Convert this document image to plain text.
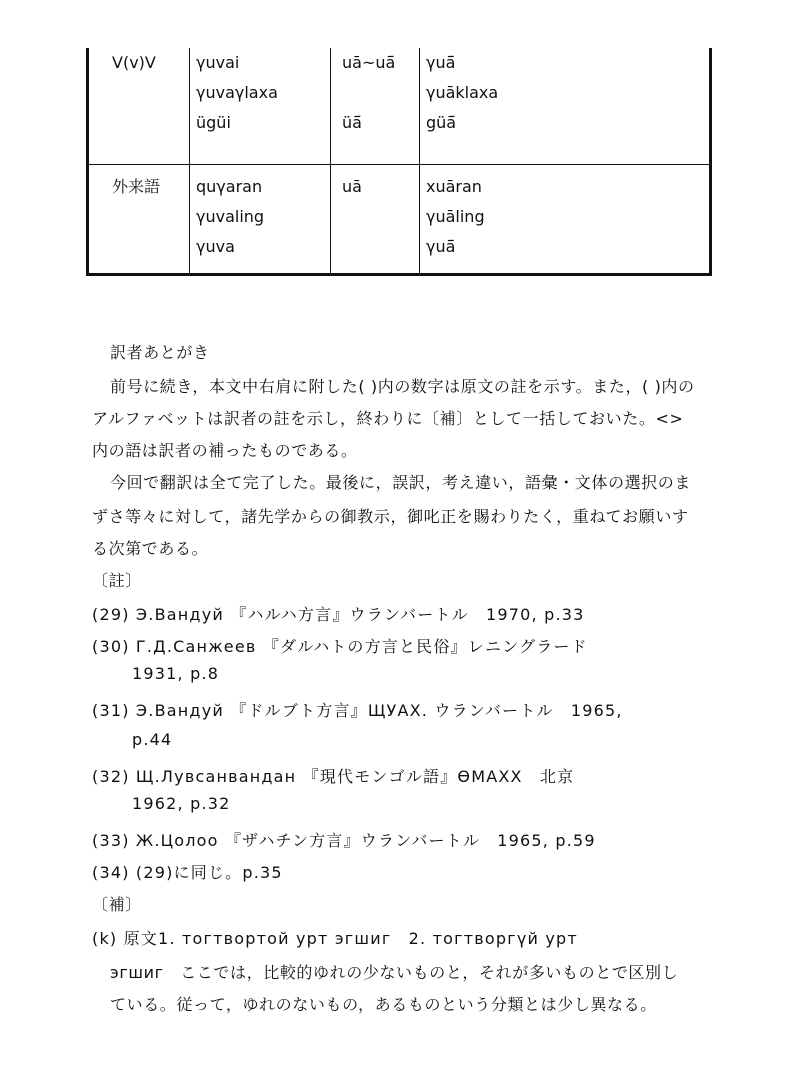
V(v)V	γuvai
γuvaγlaxa
ügüi
uā~uā̄

üā̄
γuā̄
γuāklaxa
güā̄
外来語 quγaran
γuvaling
γuva
uā	xuāran
γuāling
γuā̄
訳者あとがき
前号に続き，本文中右肩に附した( )内の数字は原文の註を示す。また，( )内の
アルファベットは訳者の註を示し，終わりに〔補〕として一括しておいた。<>
内の語は訳者の補ったものである。
今回で翻訳は全て完了した。最後に，誤訳，考え違い，語彙・文体の選択のま
ずさ等々に対して，諸先学からの御教示，御叱正を賜わりたく，重ねてお願いす
る次第である。
〔註〕
(29) Э.Вандуй 『ハルハ方言』ウランバートル　1970, p.33
(30) Г.Д.Санжеев 『ダルハトの方言と民俗』レニングラード
1931, p.8
(31) Э.Вандуй 『ドルブト方言』ЩУАХ. ウランバートル　1965,
p.44
(32) Щ.Лувсанвандан 『現代モンゴル語』ӨМАХХ　北京
1962, p.32
(33) Ж.Цолоо 『ザハチン方言』ウランバートル　1965, p.59
(34) (29)に同じ。p.35
〔補〕
(k) 原文1. тогтвортой урт эгшиг　2. тогтворгүй урт
эгшиг　ここでは，比較的ゆれの少ないものと，それが多いものとで区別し
ている。従って，ゆれのないもの，あるものという分類とは少し異なる。
